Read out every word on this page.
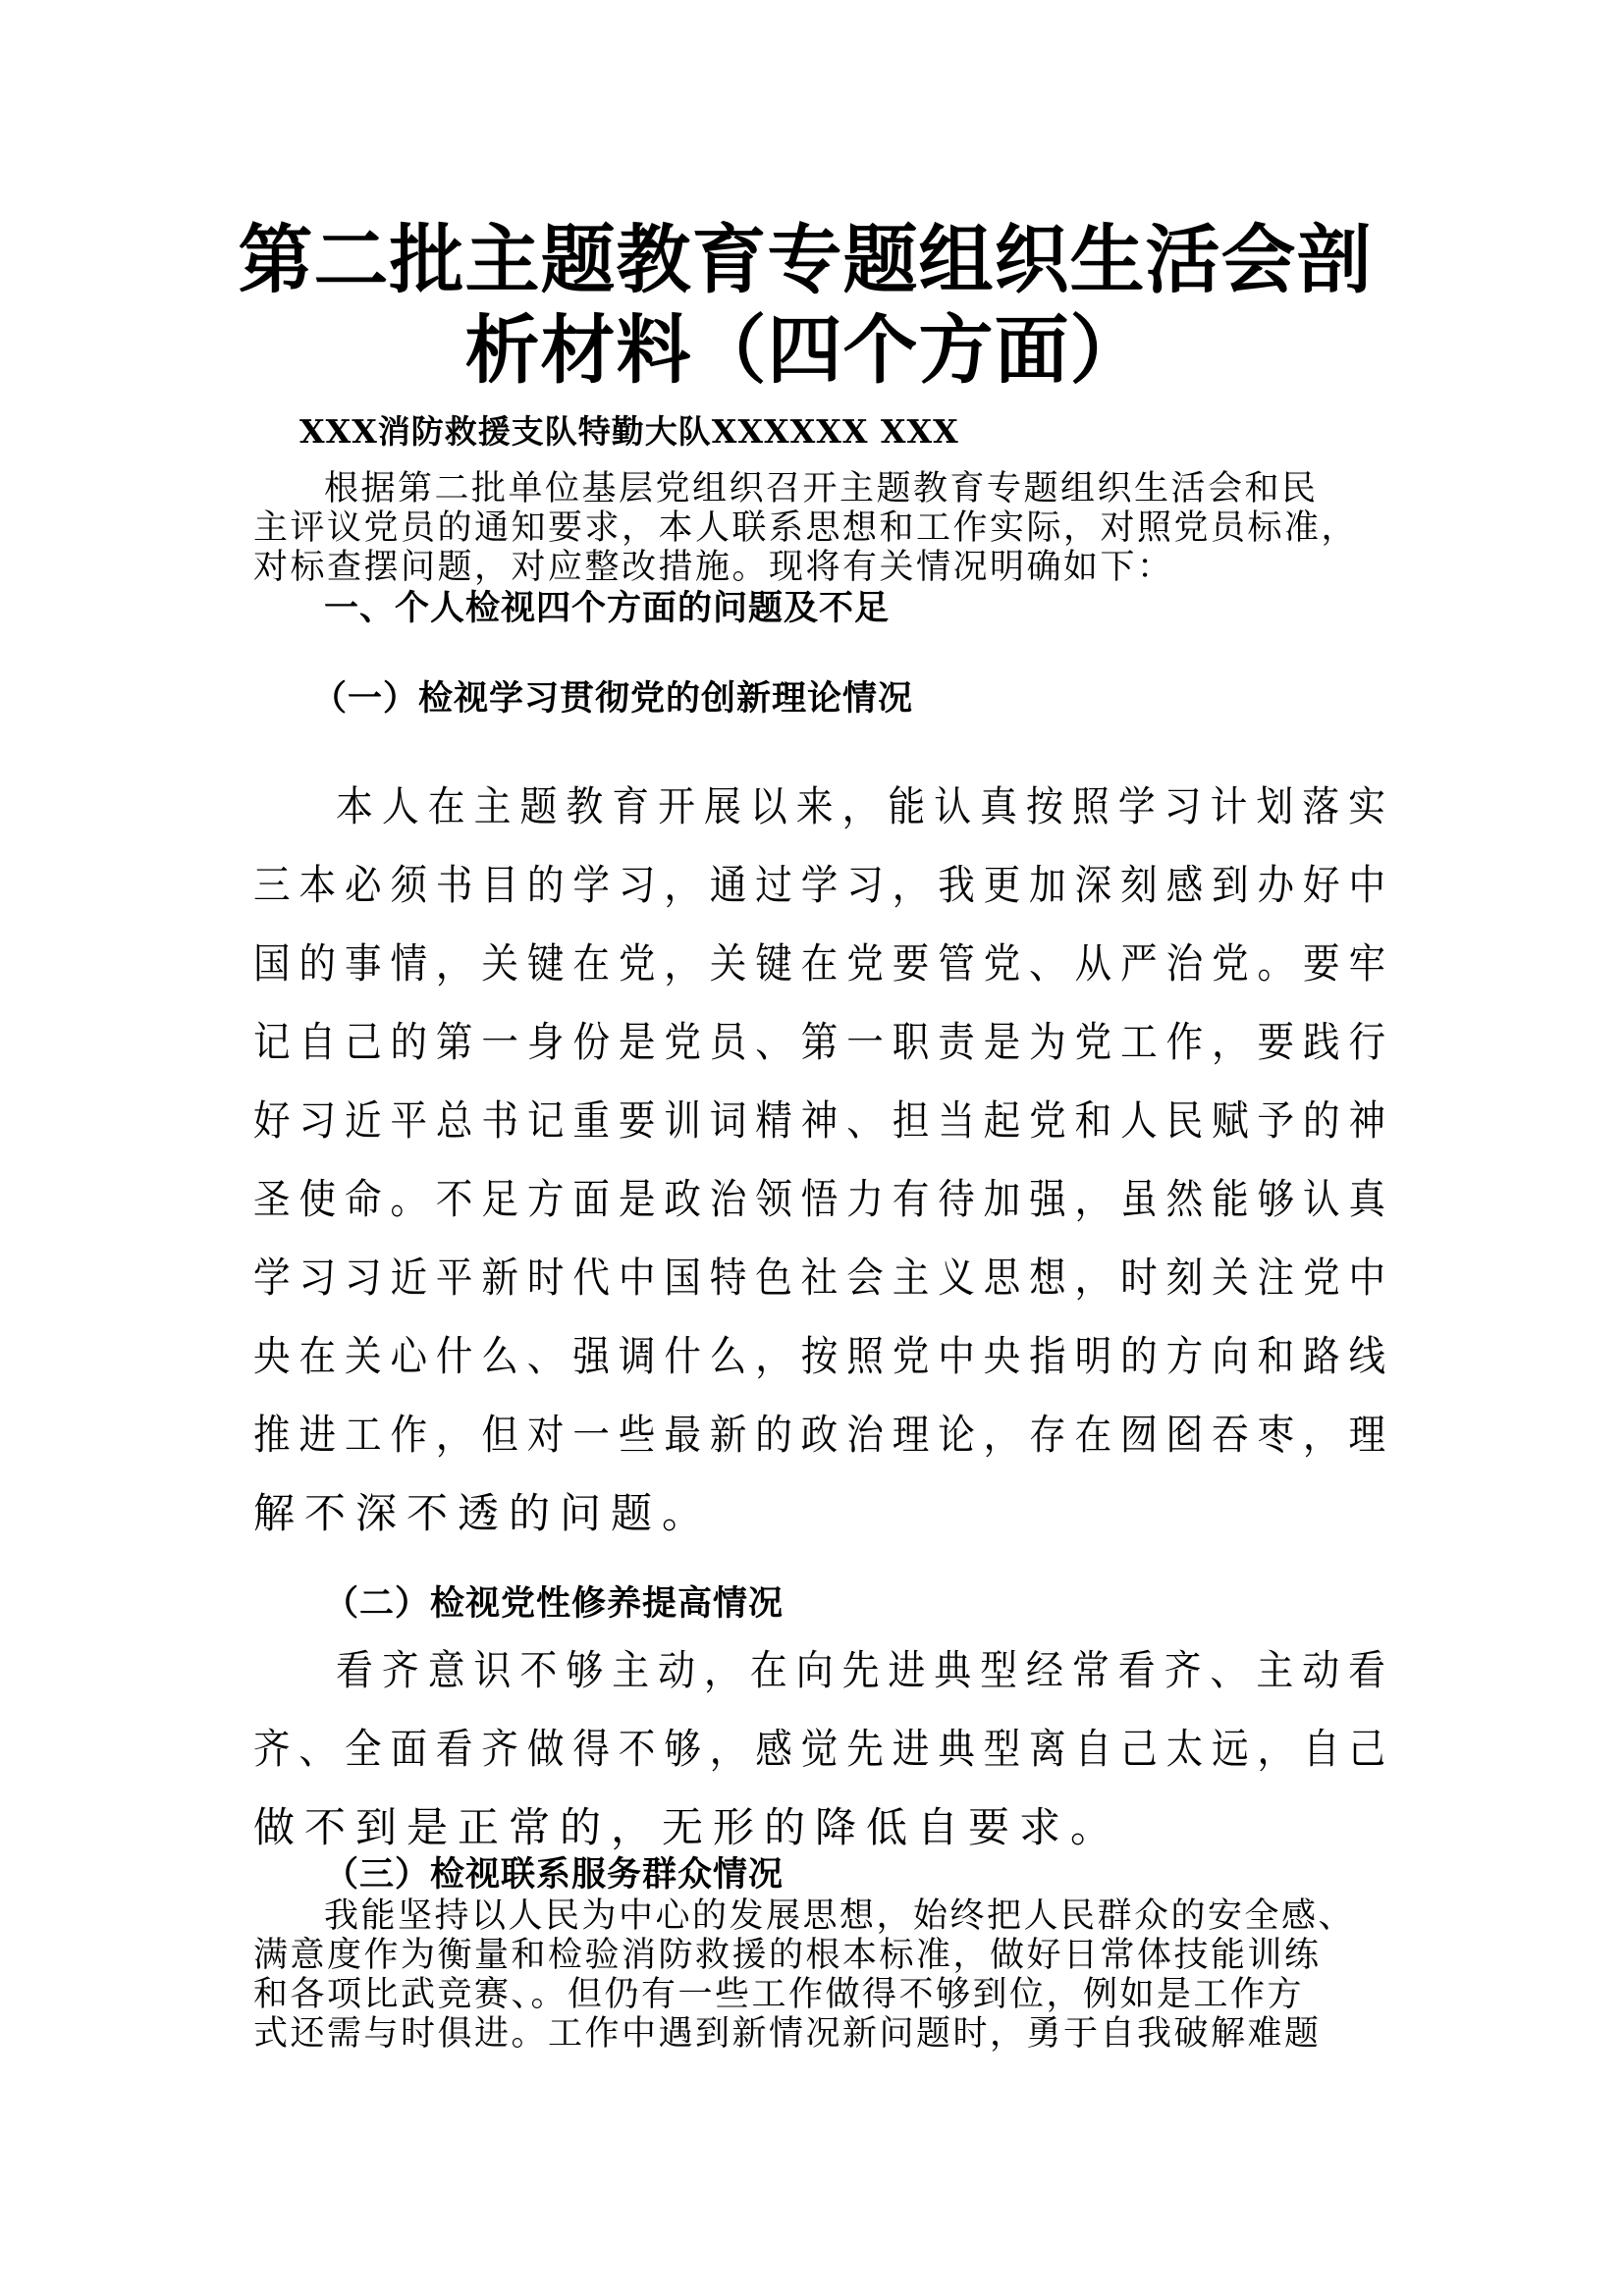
第二批主题教育专题组织生活会剖
析材料（四个方面）
XXX消防救援支队特勤大队XXXXXX XXX
根据第二批单位基层党组织召开主题教育专题组织生活会和民
主评议党员的通知要求，本人联系思想和工作实际，对照党员标准，
对标查摆问题，对应整改措施。现将有关情况明确如下：
一、个人检视四个方面的问题及不足
（一）检视学习贯彻党的创新理论情况
本人在主题教育开展以来，能认真按照学习计划落实
三本必须书目的学习，通过学习，我更加深刻感到办好中
国的事情，关键在党，关键在党要管党、从严治党。要牢
记自己的第一身份是党员、第一职责是为党工作，要践行
好习近平总书记重要训词精神、担当起党和人民赋予的神
圣使命。不足方面是政治领悟力有待加强，虽然能够认真
学习习近平新时代中国特色社会主义思想，时刻关注党中
央在关心什么、强调什么，按照党中央指明的方向和路线
推进工作，但对一些最新的政治理论，存在囫囵吞枣，理
解不深不透的问题。
（二）检视党性修养提高情况
看齐意识不够主动，在向先进典型经常看齐、主动看
齐、全面看齐做得不够，感觉先进典型离自己太远，自己
做不到是正常的，无形的降低自要求。
（三）检视联系服务群众情况
我能坚持以人民为中心的发展思想，始终把人民群众的安全感、
满意度作为衡量和检验消防救援的根本标准，做好日常体技能训练
和各项比武竞赛、。但仍有一些工作做得不够到位，例如是工作方
式还需与时俱进。工作中遇到新情况新问题时，勇于自我破解难题
